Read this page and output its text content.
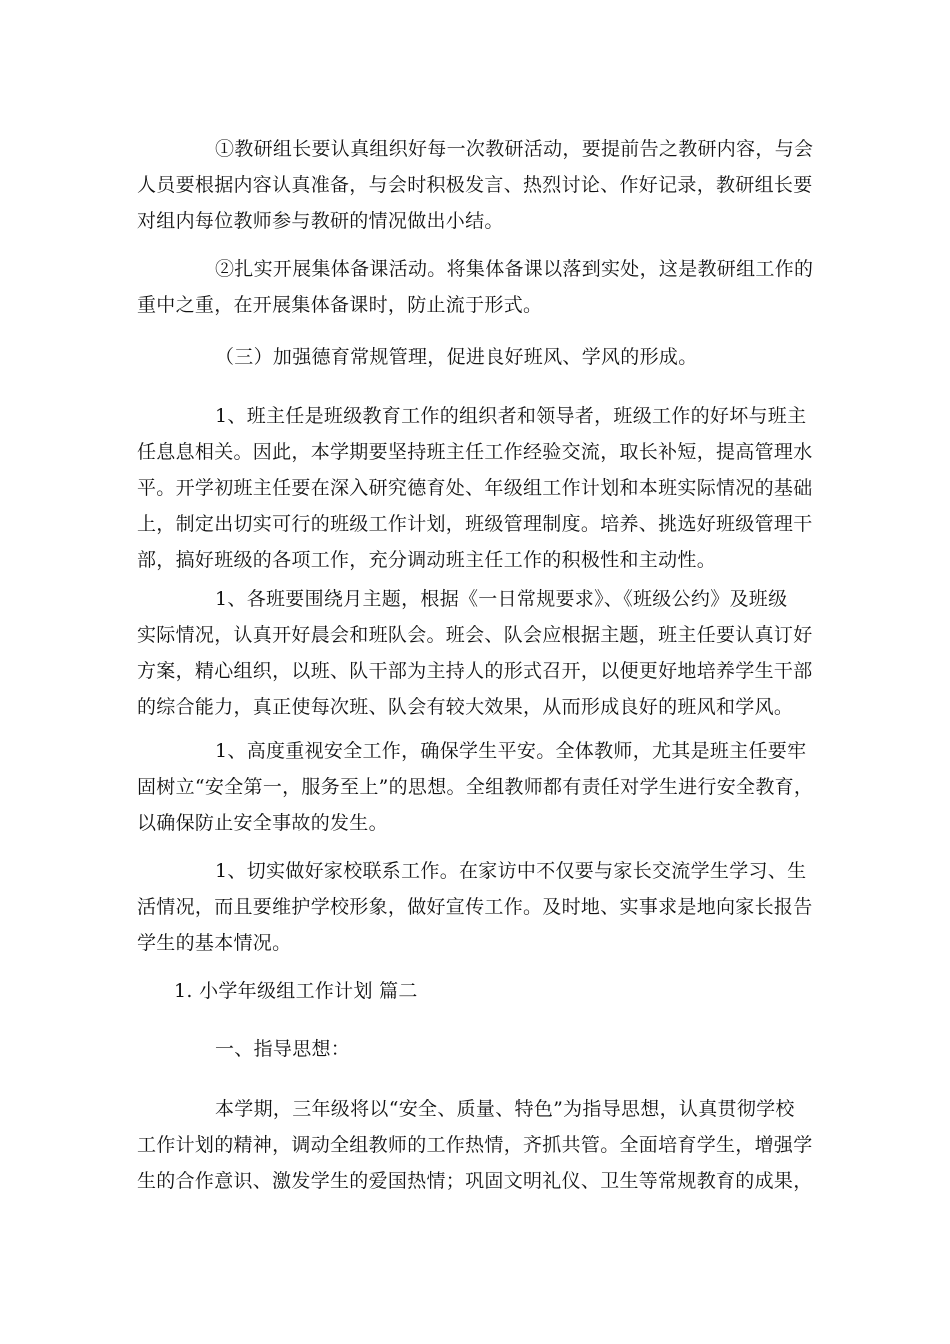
①教研组长要认真组织好每一次教研活动，要提前告之教研内容，与会
人员要根据内容认真准备，与会时积极发言、热烈讨论、作好记录，教研组长要
对组内每位教师参与教研的情况做出小结。
②扎实开展集体备课活动。将集体备课以落到实处，这是教研组工作的
重中之重，在开展集体备课时，防止流于形式。
（三）加强德育常规管理，促进良好班风、学风的形成。
1、班主任是班级教育工作的组织者和领导者，班级工作的好坏与班主
任息息相关。因此，本学期要坚持班主任工作经验交流，取长补短，提高管理水
平。开学初班主任要在深入研究德育处、年级组工作计划和本班实际情况的基础
上，制定出切实可行的班级工作计划，班级管理制度。培养、挑选好班级管理干
部，搞好班级的各项工作，充分调动班主任工作的积极性和主动性。
1、各班要围绕月主题，根据《一日常规要求》、《班级公约》及班级
实际情况，认真开好晨会和班队会。班会、队会应根据主题，班主任要认真订好
方案，精心组织，以班、队干部为主持人的形式召开，以便更好地培养学生干部
的综合能力，真正使每次班、队会有较大效果，从而形成良好的班风和学风。
1、高度重视安全工作，确保学生平安。全体教师，尤其是班主任要牢
固树立“安全第一，服务至上”的思想。全组教师都有责任对学生进行安全教育，
以确保防止安全事故的发生。
1、切实做好家校联系工作。在家访中不仅要与家长交流学生学习、生
活情况，而且要维护学校形象，做好宣传工作。及时地、实事求是地向家长报告
学生的基本情况。
1. 小学年级组工作计划 篇二
一、指导思想：
本学期，三年级将以“安全、质量、特色”为指导思想，认真贯彻学校
工作计划的精神，调动全组教师的工作热情，齐抓共管。全面培育学生，增强学
生的合作意识、激发学生的爱国热情；巩固文明礼仪、卫生等常规教育的成果，
